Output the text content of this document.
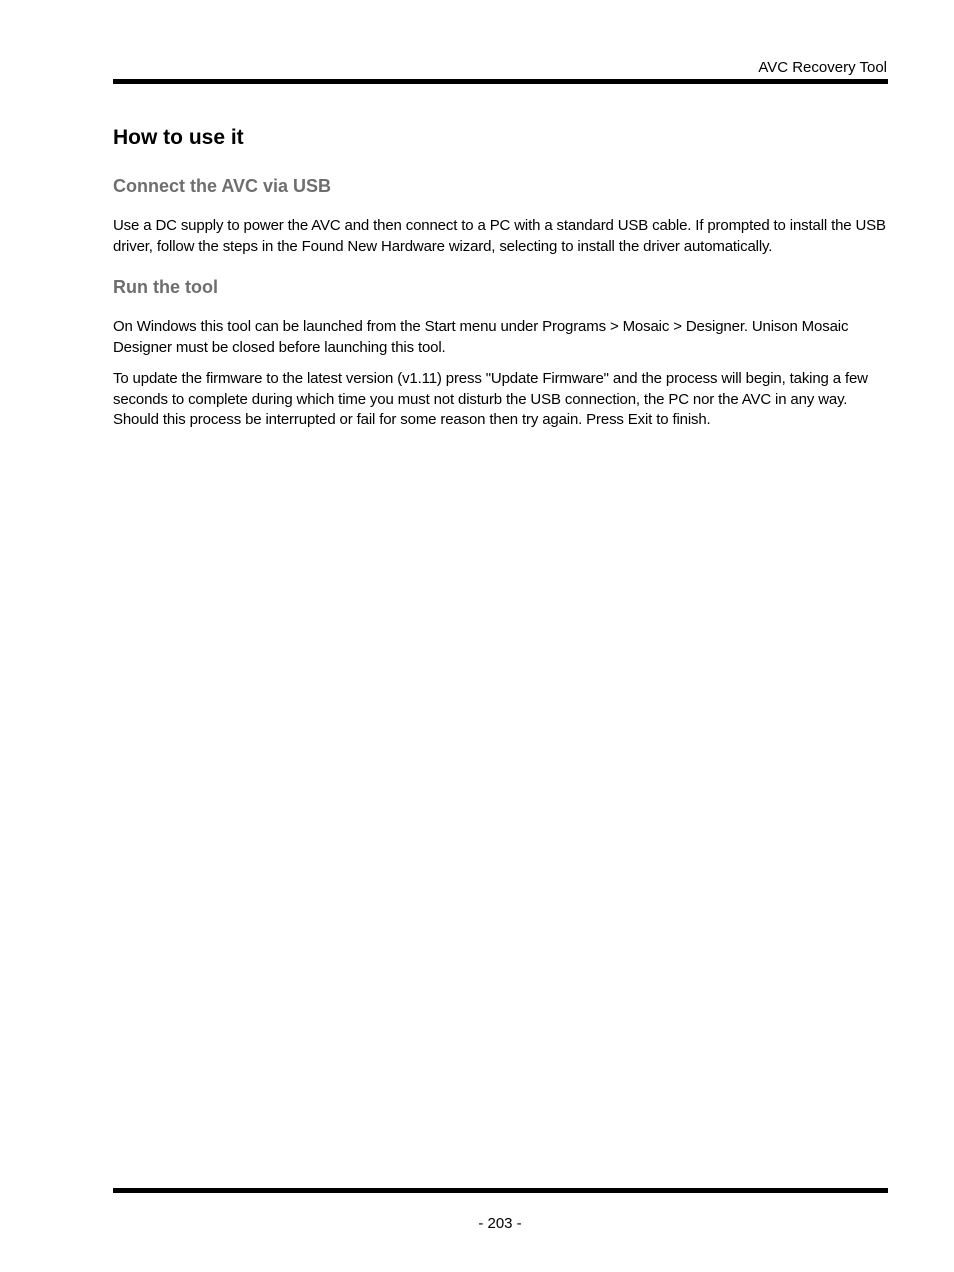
AVC Recovery Tool
How to use it
Connect the AVC via USB

Use a DC supply to power the AVC and then connect to a PC with a standard USB cable. If prompted to install the USB driver, follow the steps in the Found New Hardware wizard, selecting to install the driver automatically.

Run the tool

On Windows this tool can be launched from the Start menu under Programs > Mosaic > Designer. Unison Mosaic Designer must be closed before launching this tool.

To update the firmware to the latest version (v1.11) press "Update Firmware" and the process will begin, taking a few seconds to complete during which time you must not disturb the USB connection, the PC nor the AVC in any way. Should this process be interrupted or fail for some reason then try again. Press Exit to finish.

- 203 -
